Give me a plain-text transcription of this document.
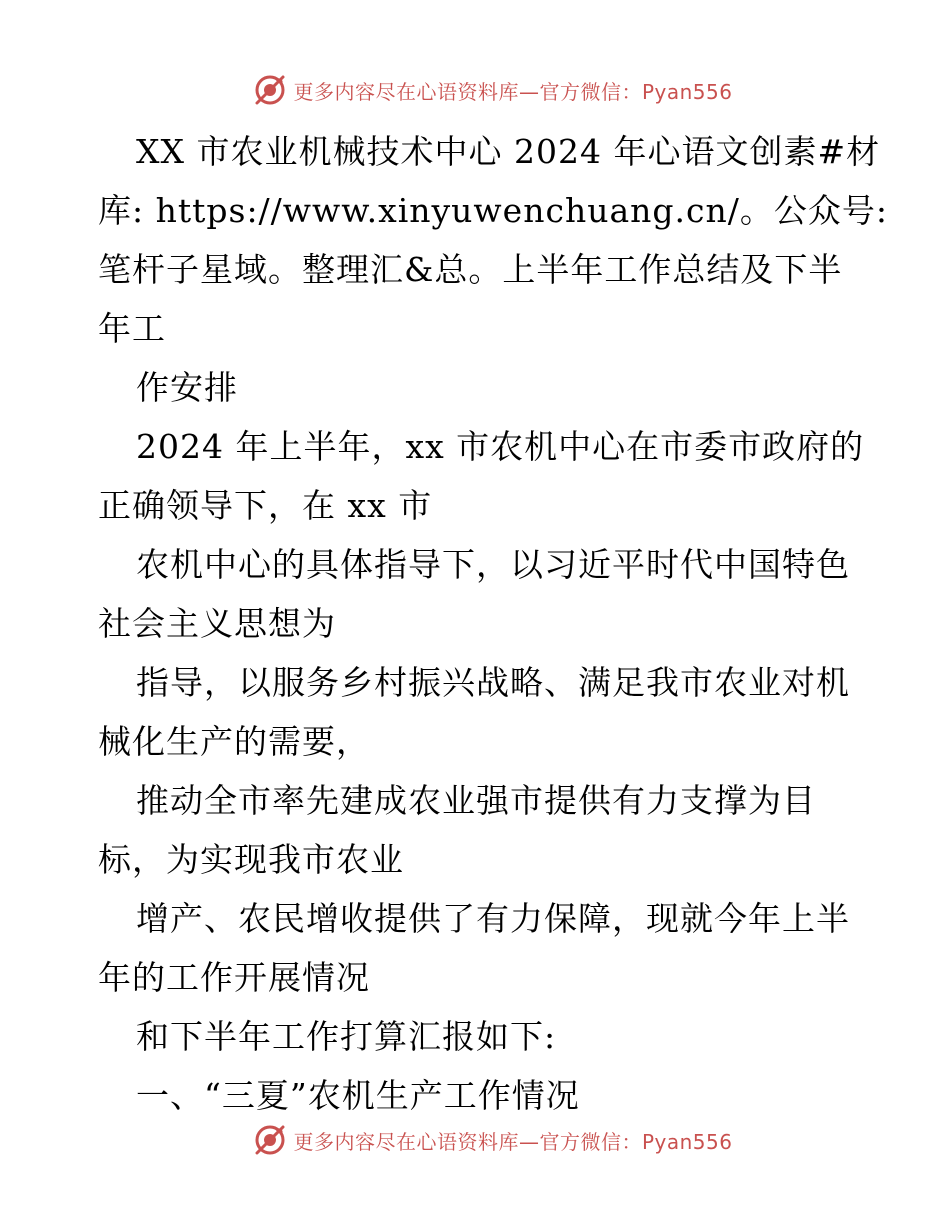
更多内容尽在心语资料库—官方微信：Pyan556
XX 市农业机械技术中心 2024 年心语文创素#材
库: https://www.xinyuwenchuang.cn/。公众号:
笔杆子星域。整理汇&总。上半年工作总结及下半
年工
作安排
2024 年上半年，xx 市农机中心在市委市政府的
正确领导下，在 xx 市
农机中心的具体指导下，以习近平时代中国特色
社会主义思想为
指导，以服务乡村振兴战略、满足我市农业对机
械化生产的需要，
推动全市率先建成农业强市提供有力支撑为目
标，为实现我市农业
增产、农民增收提供了有力保障，现就今年上半
年的工作开展情况
和下半年工作打算汇报如下:
一、“三夏”农机生产工作情况
更多内容尽在心语资料库—官方微信：Pyan556
